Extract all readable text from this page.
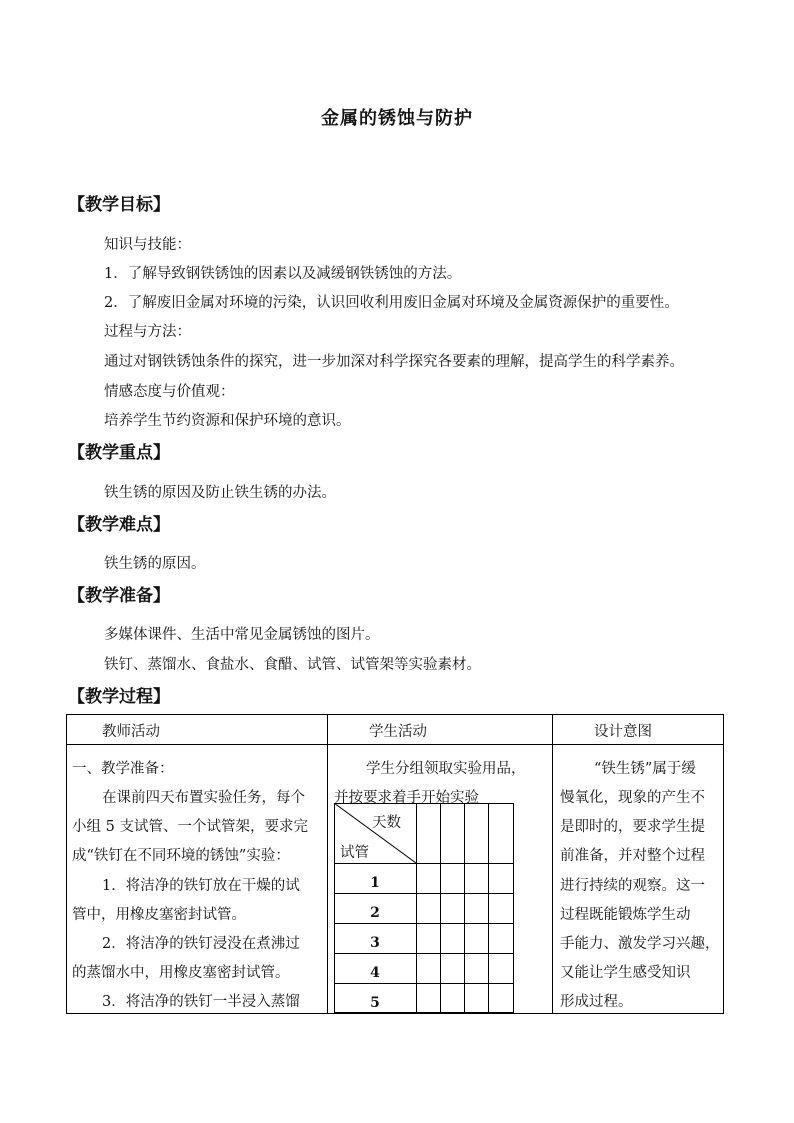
金属的锈蚀与防护
【教学目标】
知识与技能：
1．了解导致钢铁锈蚀的因素以及减缓钢铁锈蚀的方法。
2．了解废旧金属对环境的污染，认识回收利用废旧金属对环境及金属资源保护的重要性。
过程与方法：
通过对钢铁锈蚀条件的探究，进一步加深对科学探究各要素的理解，提高学生的科学素养。
情感态度与价值观：
培养学生节约资源和保护环境的意识。
【教学重点】
铁生锈的原因及防止铁生锈的办法。
【教学难点】
铁生锈的原因。
【教学准备】
多媒体课件、生活中常见金属锈蚀的图片。
铁钉、蒸馏水、食盐水、食醋、试管、试管架等实验素材。
【教学过程】
教师活动	学生活动	设计意图
一、教学准备：
在课前四天布置实验任务，每个
小组 5 支试管、一个试管架，要求完
成“铁钉在不同环境的锈蚀”实验：
1．将洁净的铁钉放在干燥的试
管中，用橡皮塞密封试管。
2．将洁净的铁钉浸没在煮沸过
的蒸馏水中，用橡皮塞密封试管。
3．将洁净的铁钉一半浸入蒸馏
学生分组领取实验用品，
并按要求着手开始实验
天数
试管
1
2
3
4
5
“铁生锈”属于缓
慢氧化，现象的产生不
是即时的，要求学生提
前准备，并对整个过程
进行持续的观察。这一
过程既能锻炼学生动
手能力、激发学习兴趣，
又能让学生感受知识
形成过程。
